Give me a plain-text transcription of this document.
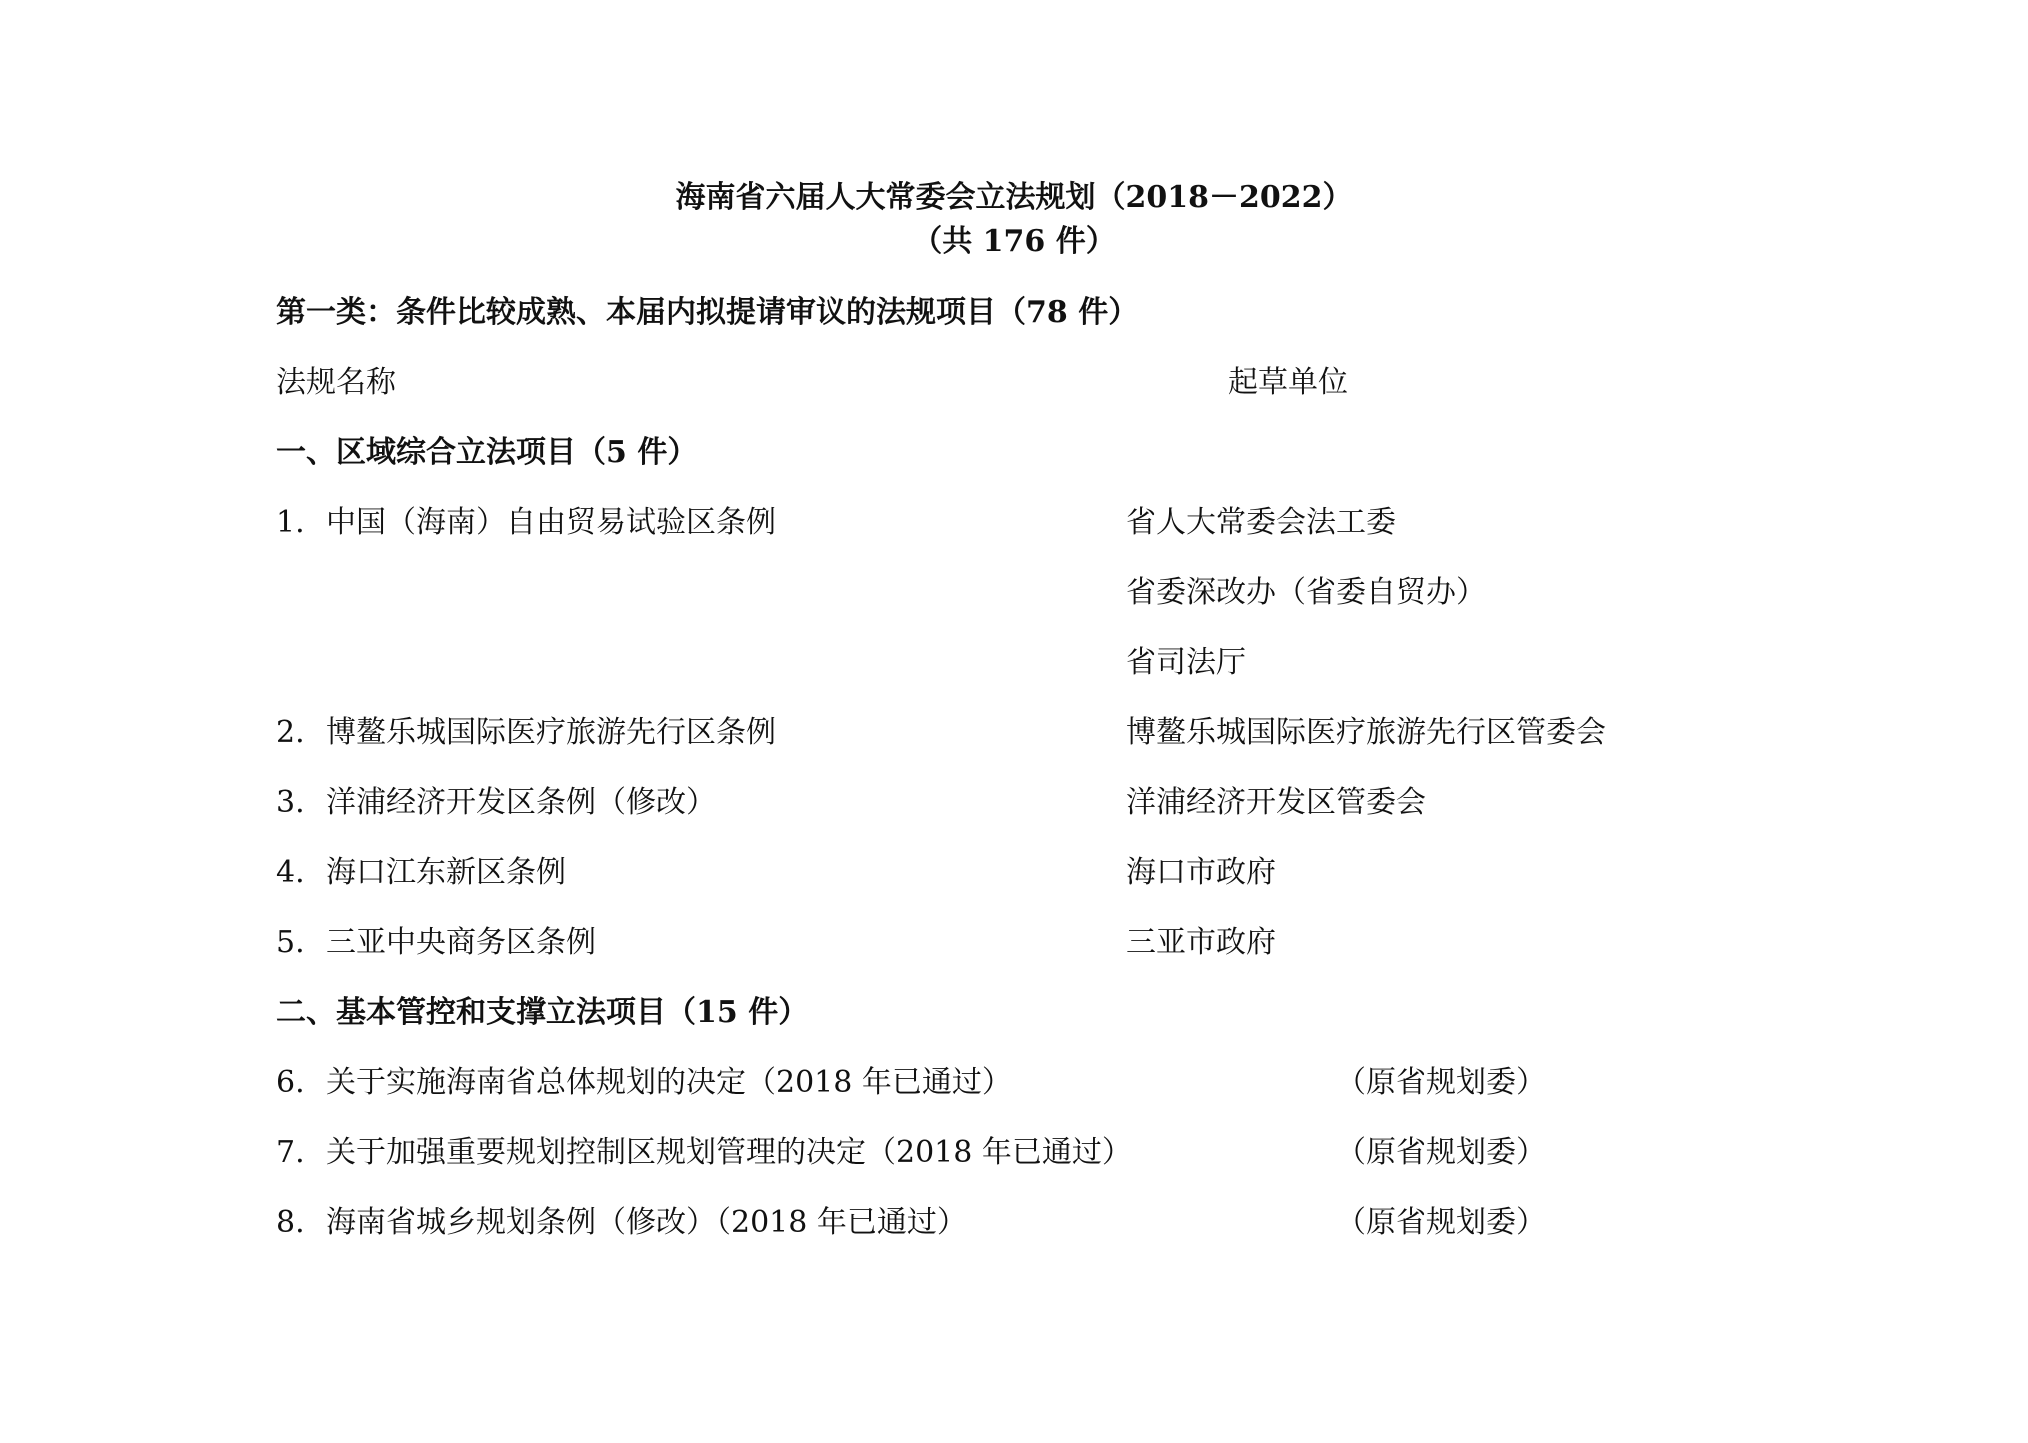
海南省六届人大常委会立法规划（2018－2022）
（共 176 件）
第一类：条件比较成熟、本届内拟提请审议的法规项目（78 件）
法规名称	起草单位
一、区域综合立法项目（5 件）
1. 中国（海南）自由贸易试验区条例	省人大常委会法工委
省委深改办（省委自贸办）
省司法厅
2. 博鳌乐城国际医疗旅游先行区条例	博鳌乐城国际医疗旅游先行区管委会
3. 洋浦经济开发区条例（修改）	洋浦经济开发区管委会
4. 海口江东新区条例	海口市政府
5. 三亚中央商务区条例	三亚市政府
二、基本管控和支撑立法项目（15 件）
6. 关于实施海南省总体规划的决定（2018 年已通过）	（原省规划委）
7. 关于加强重要规划控制区规划管理的决定（2018 年已通过）	（原省规划委）
8. 海南省城乡规划条例（修改）（2018 年已通过）	（原省规划委）
